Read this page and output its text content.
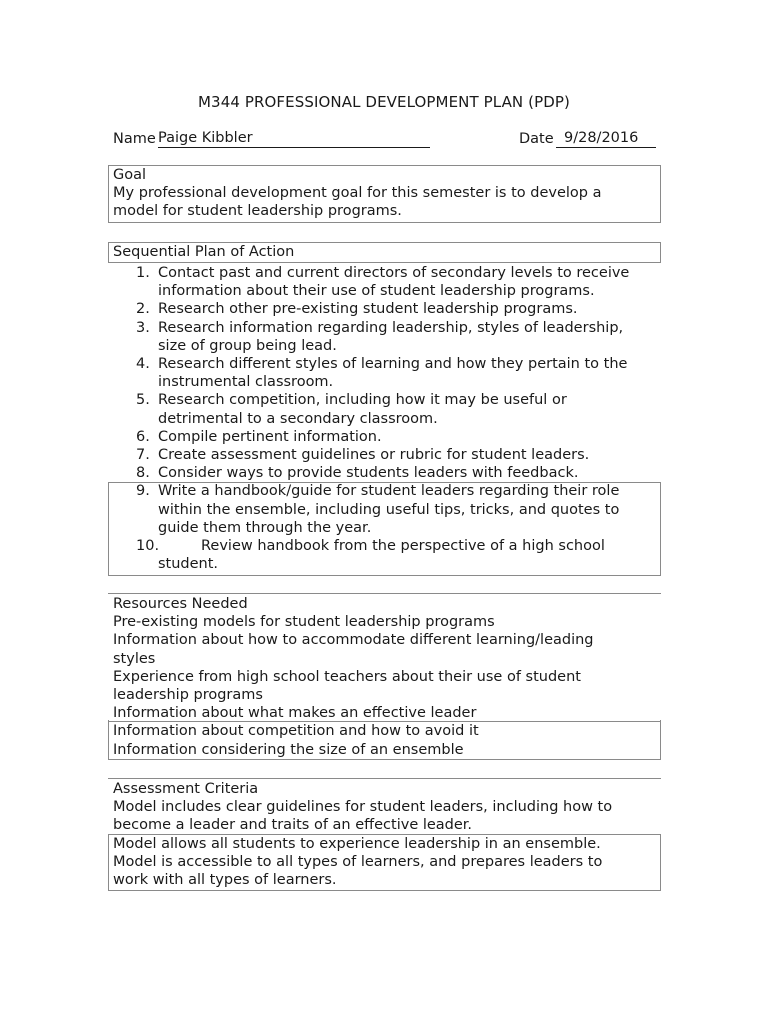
M344 PROFESSIONAL DEVELOPMENT PLAN (PDP)
Name Paige Kibbler	Date 9/28/2016
Goal
My professional development goal for this semester is to develop a
model for student leadership programs.
Sequential Plan of Action
1. Contact past and current directors of secondary levels to receive
information about their use of student leadership programs.
2. Research other pre-existing student leadership programs.
3. Research information regarding leadership, styles of leadership,
size of group being lead.
4. Research different styles of learning and how they pertain to the
instrumental classroom.
5. Research competition, including how it may be useful or
detrimental to a secondary classroom.
6. Compile pertinent information.
7. Create assessment guidelines or rubric for student leaders.
8. Consider ways to provide students leaders with feedback.
9. Write a handbook/guide for student leaders regarding their role
within the ensemble, including useful tips, tricks, and quotes to
guide them through the year.
10.	Review handbook from the perspective of a high school
student.
Resources Needed
Pre-existing models for student leadership programs
Information about how to accommodate different learning/leading
styles
Experience from high school teachers about their use of student
leadership programs
Information about what makes an effective leader
Information about competition and how to avoid it
Information considering the size of an ensemble
Assessment Criteria
Model includes clear guidelines for student leaders, including how to
become a leader and traits of an effective leader.
Model allows all students to experience leadership in an ensemble.
Model is accessible to all types of learners, and prepares leaders to
work with all types of learners.
